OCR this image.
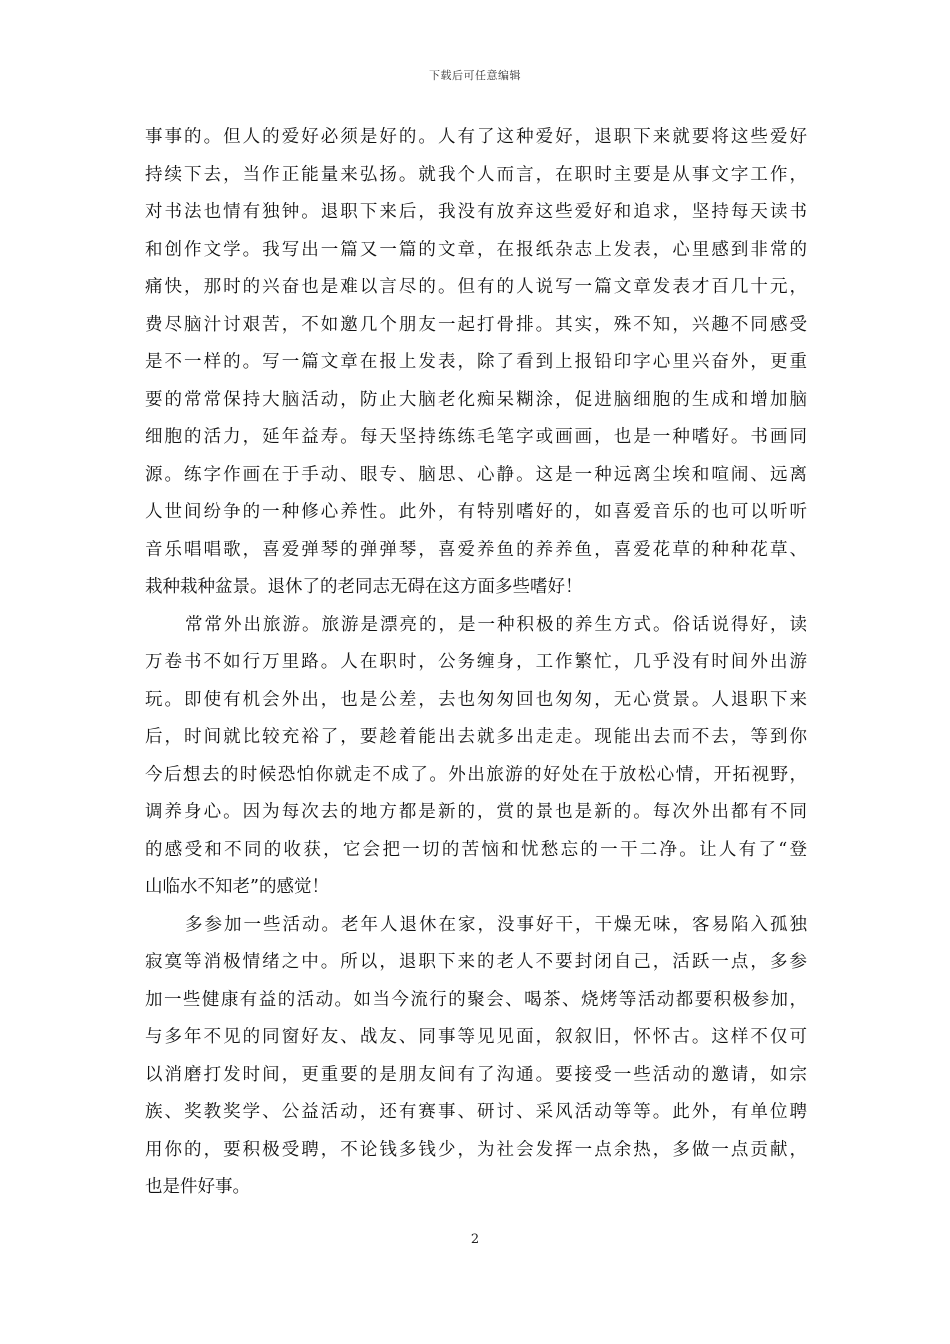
下载后可任意编辑
事事的。但人的爱好必须是好的。人有了这种爱好，退职下来就要将这些爱好
持续下去，当作正能量来弘扬。就我个人而言，在职时主要是从事文字工作，
对书法也情有独钟。退职下来后，我没有放弃这些爱好和追求，坚持每天读书
和创作文学。我写出一篇又一篇的文章，在报纸杂志上发表，心里感到非常的
痛快，那时的兴奋也是难以言尽的。但有的人说写一篇文章发表才百几十元，
费尽脑汁讨艰苦，不如邀几个朋友一起打骨排。其实，殊不知，兴趣不同感受
是不一样的。写一篇文章在报上发表，除了看到上报铅印字心里兴奋外，更重
要的常常保持大脑活动，防止大脑老化痴呆糊涂，促进脑细胞的生成和增加脑
细胞的活力，延年益寿。每天坚持练练毛笔字或画画，也是一种嗜好。书画同
源。练字作画在于手动、眼专、脑思、心静。这是一种远离尘埃和喧闹、远离
人世间纷争的一种修心养性。此外，有特别嗜好的，如喜爱音乐的也可以听听
音乐唱唱歌，喜爱弹琴的弹弹琴，喜爱养鱼的养养鱼，喜爱花草的种种花草、
栽种栽种盆景。退休了的老同志无碍在这方面多些嗜好！
常常外出旅游。旅游是漂亮的，是一种积极的养生方式。俗话说得好，读
万卷书不如行万里路。人在职时，公务缠身，工作繁忙，几乎没有时间外出游
玩。即使有机会外出，也是公差，去也匆匆回也匆匆，无心赏景。人退职下来
后，时间就比较充裕了，要趁着能出去就多出走走。现能出去而不去，等到你
今后想去的时候恐怕你就走不成了。外出旅游的好处在于放松心情，开拓视野，
调养身心。因为每次去的地方都是新的，赏的景也是新的。每次外出都有不同
的感受和不同的收获，它会把一切的苦恼和忧愁忘的一干二净。让人有了“登
山临水不知老”的感觉！
多参加一些活动。老年人退休在家，没事好干，干燥无味，客易陷入孤独
寂寞等消极情绪之中。所以，退职下来的老人不要封闭自己，活跃一点，多参
加一些健康有益的活动。如当今流行的聚会、喝茶、烧烤等活动都要积极参加，
与多年不见的同窗好友、战友、同事等见见面，叙叙旧，怀怀古。这样不仅可
以消磨打发时间，更重要的是朋友间有了沟通。要接受一些活动的邀请，如宗
族、奖教奖学、公益活动，还有赛事、研讨、采风活动等等。此外，有单位聘
用你的，要积极受聘，不论钱多钱少，为社会发挥一点余热，多做一点贡献，
也是件好事。
2
